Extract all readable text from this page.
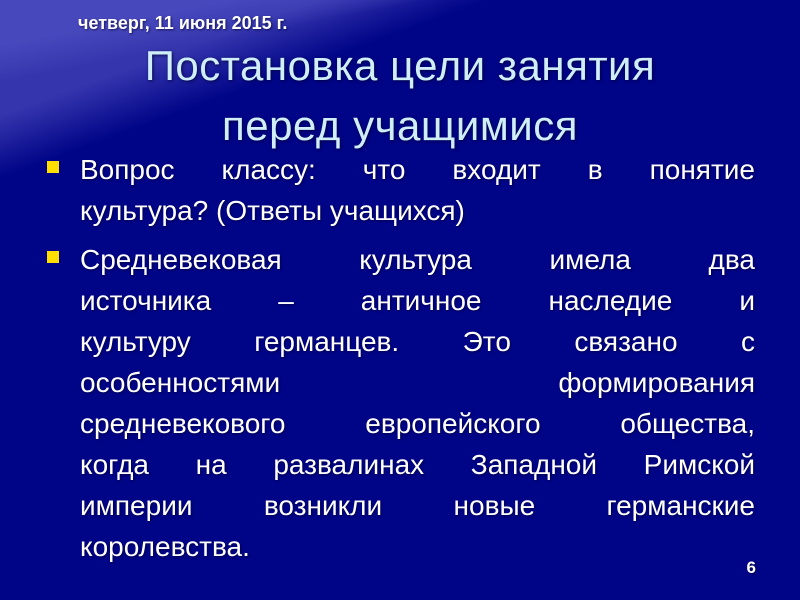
четверг, 11 июня 2015 г.
Постановка цели занятия
перед учащимися
Вопрос классу: что входит в понятие
культура? (Ответы учащихся)
Средневековая культура имела два
источника – античное наследие и
культуру германцев. Это связано с
особенностями формирования
средневекового европейского общества,
когда на развалинах Западной Римской
империи возникли новые германские
королевства.
6
